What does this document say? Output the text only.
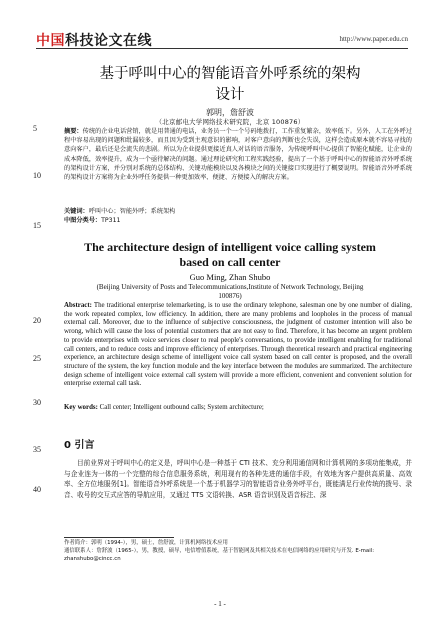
中国科技论文在线	http://www.paper.edu.cn
5
10
15
20
25
30
35
40
基于呼叫中心的智能语音外呼系统的架构
设计
郭明，詹舒波
（北京邮电大学网络技术研究院，北京 100876）
摘要：传统的企业电话营销，就是用普通的电话，业务员一个一个号码地拨打，工作重复繁杂，效率低下。另外，人工在外呼过程中容易出现的问题和纰漏较多，而且因为受到主观意识的影响，对客户意向的判断也会失误，这样会造成原本就不容易寻找的意向客户，最后还是会流失的悲剧。所以为企业提供更接近真人对话的语音服务，为传统呼叫中心提供了智能化赋能，让企业的成本降低，效率提升，成为一个亟待解决的问题。通过理论研究和工程实践经验，提出了一个基于呼叫中心的智能语音外呼系统的架构设计方案，并分别对系统的总体结构、关键功能模块以及各模块之间的关键接口实现进行了概要说明。智能语音外呼系统的架构设计方案将为企业外呼任务提供一种更加效率、便捷、方便接入的解决方案。
关键词：呼叫中心；智能外呼；系统架构
中图分类号：TP311
The architecture design of intelligent voice calling system
based on call center
Guo Ming, Zhan Shubo
(Beijing University of Posts and Telecommunications,Institute of Network Technology, Beijing
100876)
Abstract: The traditional enterprise telemarketing, is to use the ordinary telephone, salesman one by one number of dialing, the work repeated complex, low efficiency. In addition, there are many problems and loopholes in the process of manual external call. Moreover, due to the influence of subjective consciousness, the judgment of customer intention will also be wrong, which will cause the loss of potential customers that are not easy to find. Therefore, it has become an urgent problem to provide enterprises with voice services closer to real people's conversations, to provide intelligent enabling for traditional call centers, and to reduce costs and improve efficiency of enterprises. Through theoretical research and practical engineering experience, an architecture design scheme of intelligent voice call system based on call center is proposed, and the overall structure of the system, the key function module and the key interface between the modules are summarized. The architecture design scheme of intelligent voice external call system will provide a more efficient, convenient and convenient solution for enterprise external call task.
Key words: Call center; Intelligent outbound calls; System architecture;
0 引言
目前业界对于呼叫中心的定义是，呼叫中心是一种基于 CTI 技术、充分利用通信网和计算机网的多项功能集成，并与企业连为一体的一个完整的综合信息服务系统，利用现有的各种先进的通信手段，有效地为客户提供高质量、高效率、全方位地服务[1]。智能语音外呼系统是一个基于机器学习的智能语音业务外呼平台，既能满足行业传统的拨号、录音、收号的交互式应答的导航应用，又通过 TTS 文语转换、ASR 语音识别及语音标注、深
作者简介：郭明（1994-），男，硕士，詹舒波，计算机网络技术应用
通信联系人：詹舒波（1965-），男，教授，硕导，电信增值系统，基于智能网及其相关技术在电信网络的应用研究与开发. E-mail: zhanshubo@cincc.cn
- 1 -
